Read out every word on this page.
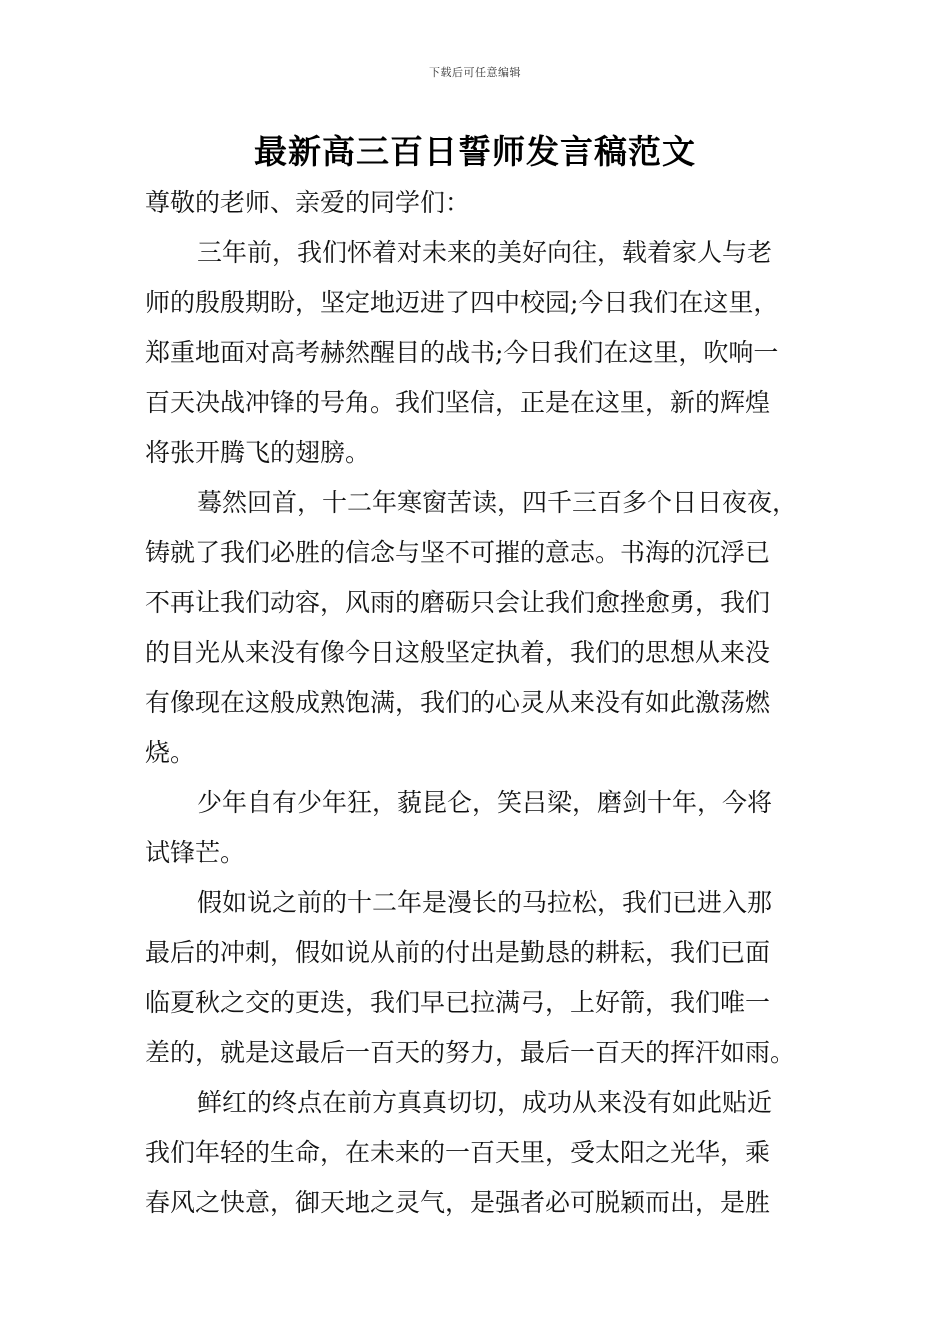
下载后可任意编辑
最新高三百日誓师发言稿范文
尊敬的老师、亲爱的同学们：
三年前，我们怀着对未来的美好向往，载着家人与老
师的殷殷期盼，坚定地迈进了四中校园;今日我们在这里，
郑重地面对高考赫然醒目的战书;今日我们在这里，吹响一
百天决战冲锋的号角。我们坚信，正是在这里，新的辉煌
将张开腾飞的翅膀。
蓦然回首，十二年寒窗苦读，四千三百多个日日夜夜，
铸就了我们必胜的信念与坚不可摧的意志。书海的沉浮已
不再让我们动容，风雨的磨砺只会让我们愈挫愈勇，我们
的目光从来没有像今日这般坚定执着，我们的思想从来没
有像现在这般成熟饱满，我们的心灵从来没有如此激荡燃
烧。
少年自有少年狂，藐昆仑，笑吕梁，磨剑十年，今将
试锋芒。
假如说之前的十二年是漫长的马拉松，我们已进入那
最后的冲刺，假如说从前的付出是勤恳的耕耘，我们已面
临夏秋之交的更迭，我们早已拉满弓，上好箭，我们唯一
差的，就是这最后一百天的努力，最后一百天的挥汗如雨。
鲜红的终点在前方真真切切，成功从来没有如此贴近
我们年轻的生命，在未来的一百天里，受太阳之光华，乘
春风之快意，御天地之灵气，是强者必可脱颖而出，是胜
